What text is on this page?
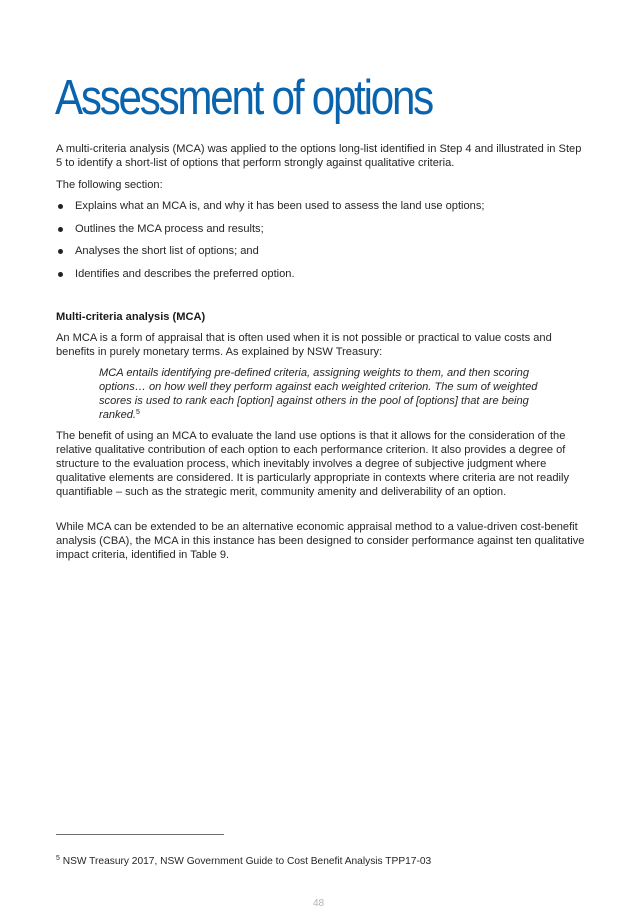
Assessment of options

A multi-criteria analysis (MCA) was applied to the options long-list identified in Step 4 and illustrated in Step 5 to identify a short-list of options that perform strongly against qualitative criteria.

The following section:

Explains what an MCA is, and why it has been used to assess the land use options;
Outlines the MCA process and results;
Analyses the short list of options; and
Identifies and describes the preferred option.
Multi-criteria analysis (MCA)

An MCA is a form of appraisal that is often used when it is not possible or practical to value costs and benefits in purely monetary terms. As explained by NSW Treasury:

MCA entails identifying pre-defined criteria, assigning weights to them, and then scoring options… on how well they perform against each weighted criterion. The sum of weighted scores is used to rank each [option] against others in the pool of [options] that are being ranked.$^5$

The benefit of using an MCA to evaluate the land use options is that it allows for the consideration of the relative qualitative contribution of each option to each performance criterion. It also provides a degree of structure to the evaluation process, which inevitably involves a degree of subjective judgment where qualitative elements are considered. It is particularly appropriate in contexts where criteria are not readily quantifiable – such as the strategic merit, community amenity and deliverability of an option.

While MCA can be extended to be an alternative economic appraisal method to a value-driven cost-benefit analysis (CBA), the MCA in this instance has been designed to consider performance against ten qualitative impact criteria, identified in Table 9.

$^5$ NSW Treasury 2017, NSW Government Guide to Cost Benefit Analysis TPP17-03

48
